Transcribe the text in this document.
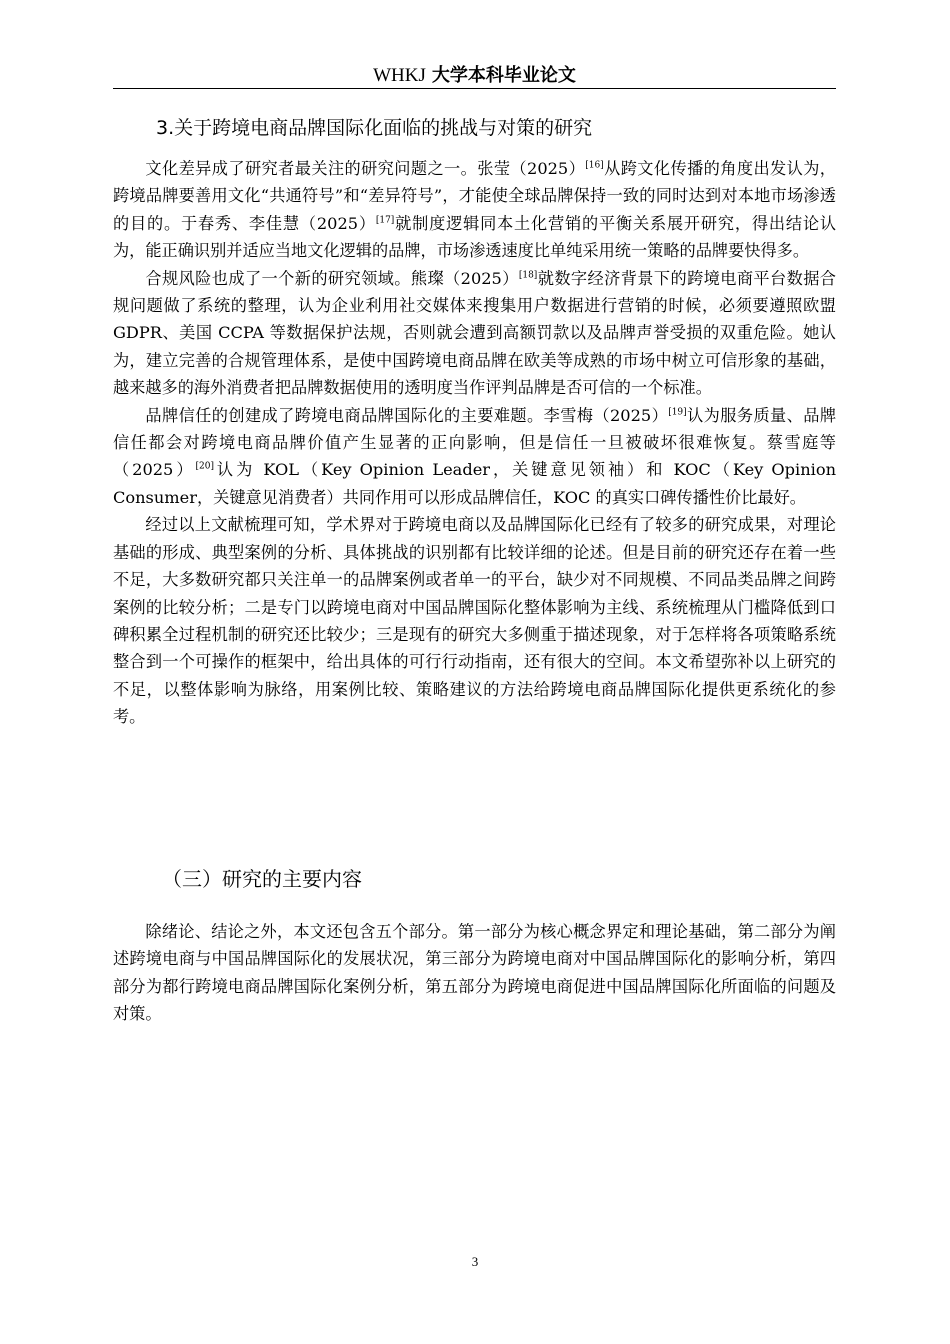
WHKJ 大学本科毕业论文
3.关于跨境电商品牌国际化面临的挑战与对策的研究

文化差异成了研究者最关注的研究问题之一。张莹（2025）[16]从跨文化传播的角度出发认为，跨境品牌要善用文化“共通符号”和“差异符号”，才能使全球品牌保持一致的同时达到对本地市场渗透的目的。于春秀、李佳慧（2025）[17]就制度逻辑同本土化营销的平衡关系展开研究，得出结论认为，能正确识别并适应当地文化逻辑的品牌，市场渗透速度比单纯采用统一策略的品牌要快得多。

合规风险也成了一个新的研究领域。熊璨（2025）[18]就数字经济背景下的跨境电商平台数据合规问题做了系统的整理，认为企业利用社交媒体来搜集用户数据进行营销的时候，必须要遵照欧盟 GDPR、美国 CCPA 等数据保护法规，否则就会遭到高额罚款以及品牌声誉受损的双重危险。她认为，建立完善的合规管理体系，是使中国跨境电商品牌在欧美等成熟的市场中树立可信形象的基础，越来越多的海外消费者把品牌数据使用的透明度当作评判品牌是否可信的一个标准。

品牌信任的创建成了跨境电商品牌国际化的主要难题。李雪梅（2025）[19]认为服务质量、品牌信任都会对跨境电商品牌价值产生显著的正向影响，但是信任一旦被破坏很难恢复。蔡雪庭等（2025）[20]认为 KOL（Key Opinion Leader，关键意见领袖）和 KOC（Key Opinion Consumer，关键意见消费者）共同作用可以形成品牌信任，KOC 的真实口碑传播性价比最好。

经过以上文献梳理可知，学术界对于跨境电商以及品牌国际化已经有了较多的研究成果，对理论基础的形成、典型案例的分析、具体挑战的识别都有比较详细的论述。但是目前的研究还存在着一些不足，大多数研究都只关注单一的品牌案例或者单一的平台，缺少对不同规模、不同品类品牌之间跨案例的比较分析；二是专门以跨境电商对中国品牌国际化整体影响为主线、系统梳理从门槛降低到口碑积累全过程机制的研究还比较少；三是现有的研究大多侧重于描述现象，对于怎样将各项策略系统整合到一个可操作的框架中，给出具体的可行行动指南，还有很大的空间。本文希望弥补以上研究的不足，以整体影响为脉络，用案例比较、策略建议的方法给跨境电商品牌国际化提供更系统化的参考。

（三）研究的主要内容

除绪论、结论之外，本文还包含五个部分。第一部分为核心概念界定和理论基础，第二部分为阐述跨境电商与中国品牌国际化的发展状况，第三部分为跨境电商对中国品牌国际化的影响分析，第四部分为都行跨境电商品牌国际化案例分析，第五部分为跨境电商促进中国品牌国际化所面临的问题及对策。

3
